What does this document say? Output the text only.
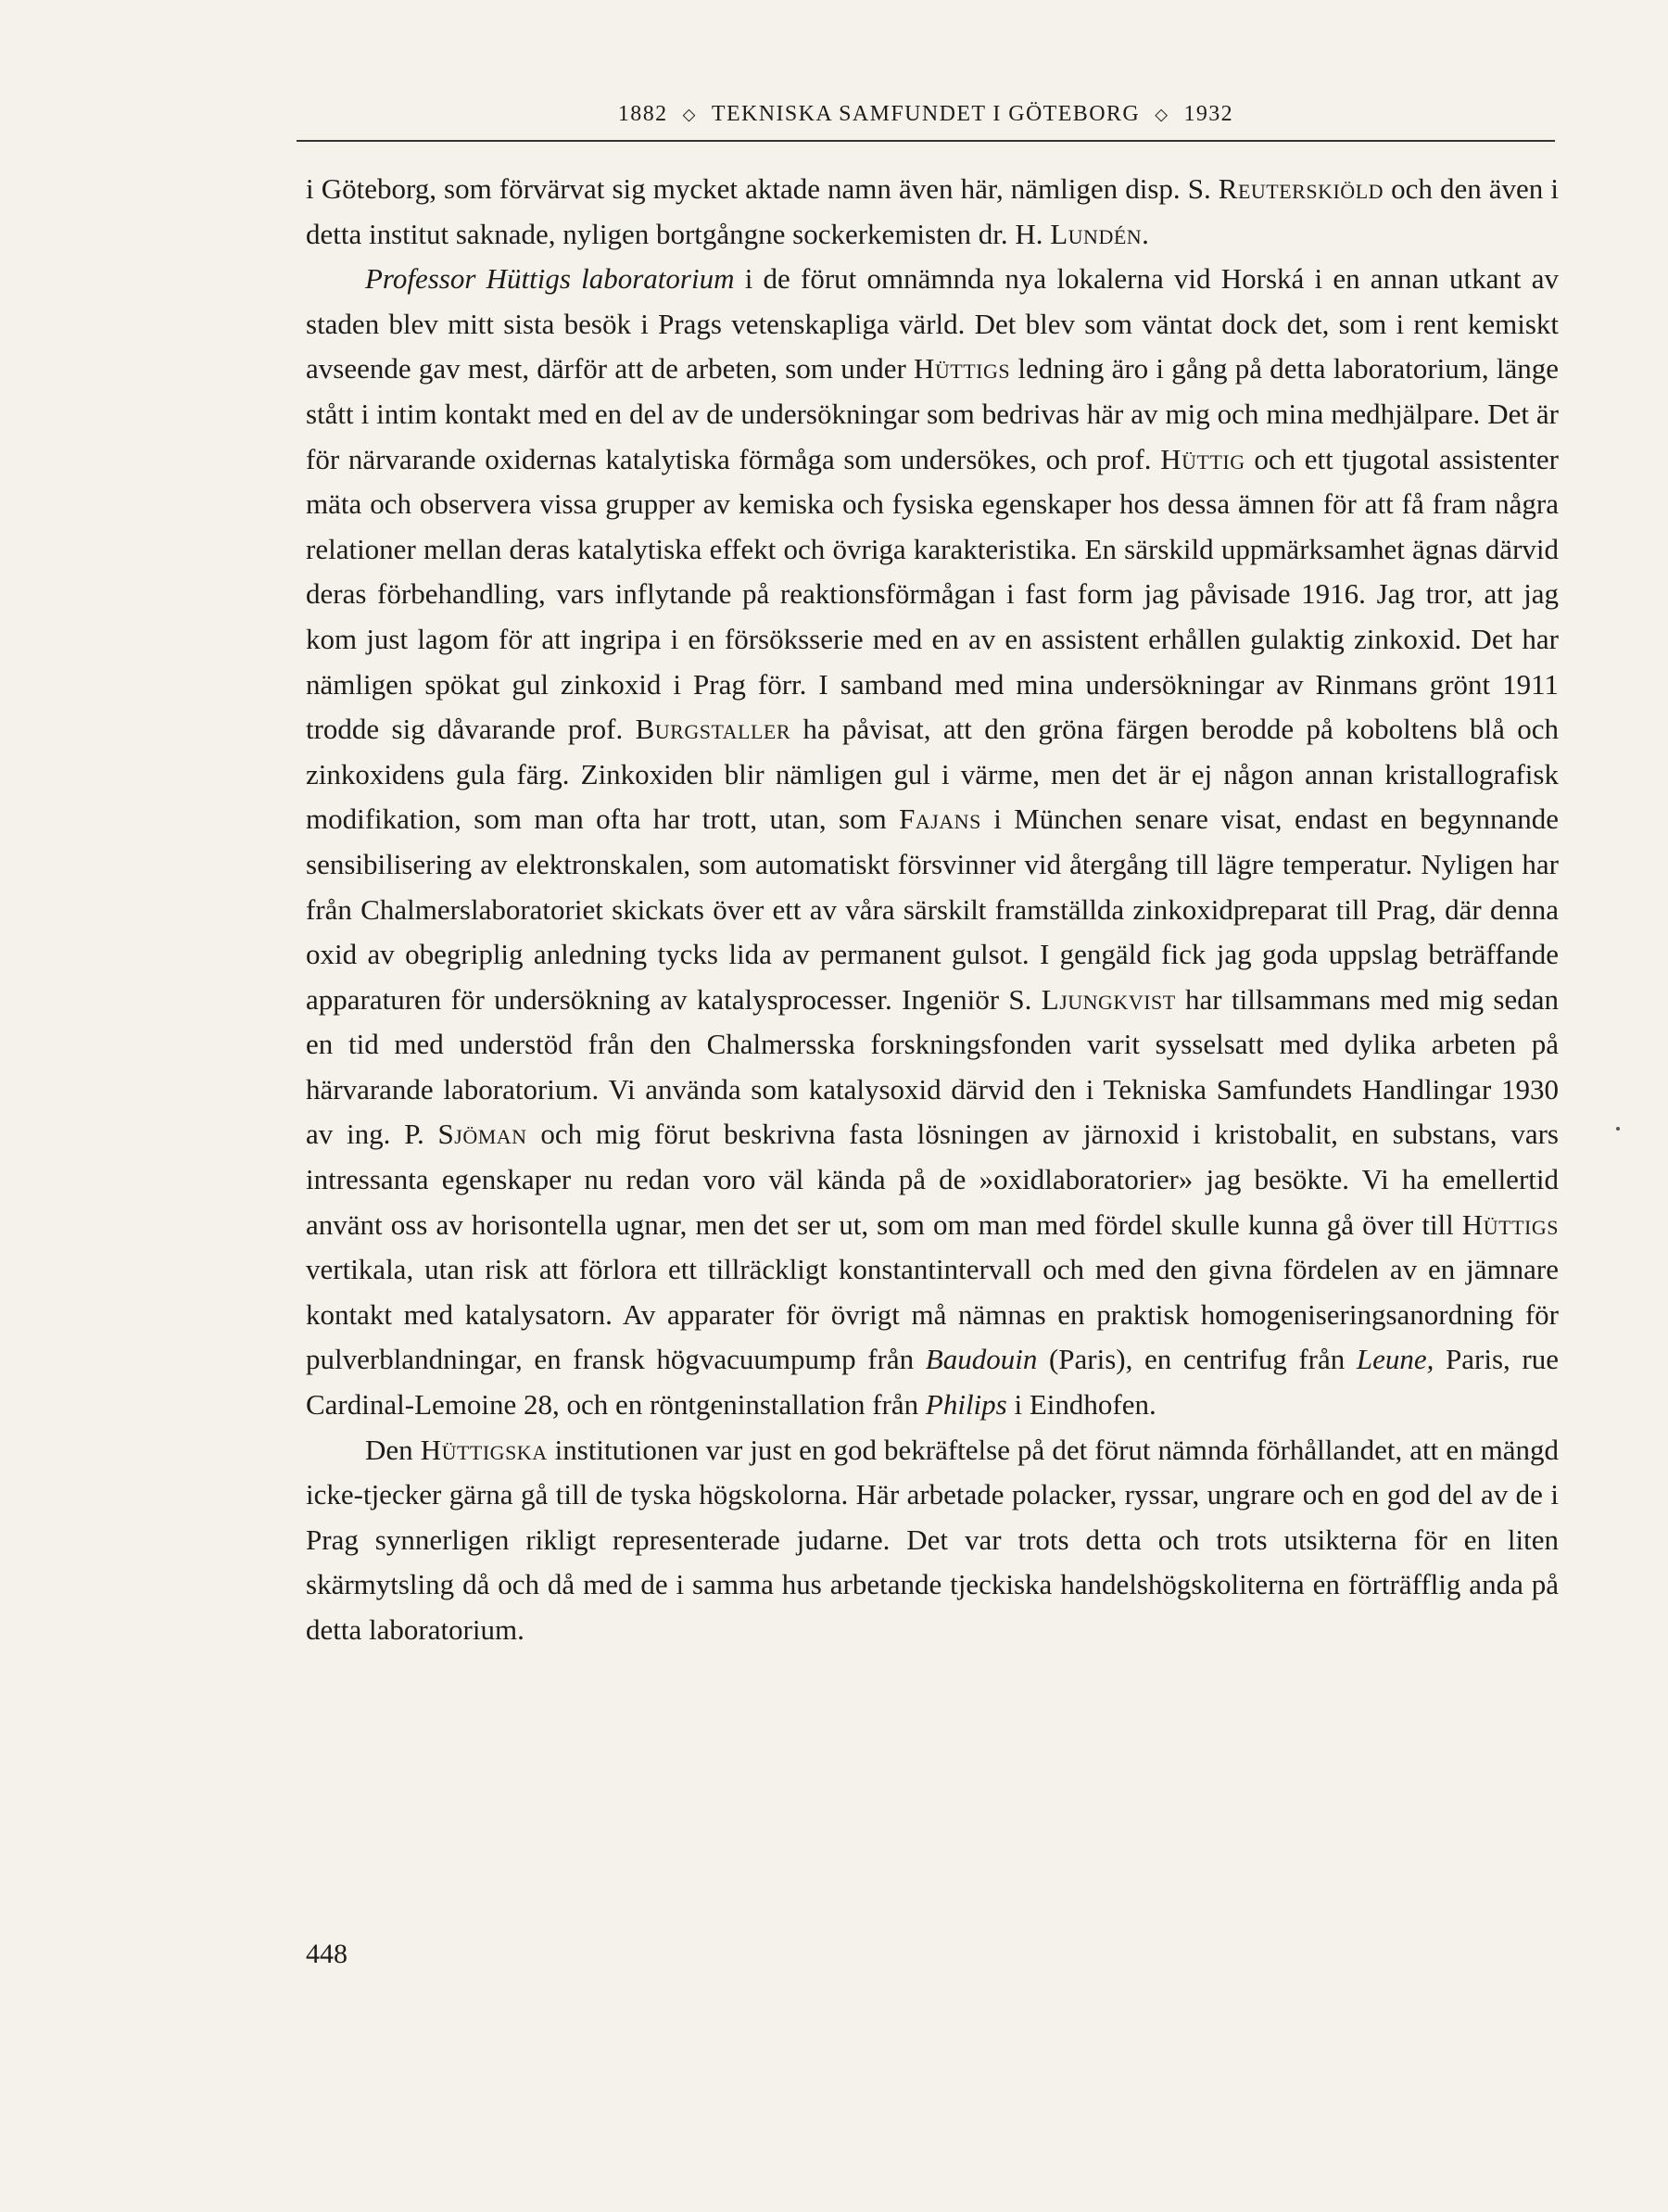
1882 ⬦ TEKNISKA SAMFUNDET I GÖTEBORG ⬦ 1932

i Göteborg, som förvärvat sig mycket aktade namn även här, nämligen disp. S. Reuterskiöld och den även i detta institut saknade, nyligen bortgångne sockerkemisten dr. H. Lundén.

Professor Hüttigs laboratorium i de förut omnämnda nya lokalerna vid Horská i en annan utkant av staden blev mitt sista besök i Prags vetenskapliga värld. Det blev som väntat dock det, som i rent kemiskt avseende gav mest, därför att de arbeten, som under Hüttigs ledning äro i gång på detta laboratorium, länge stått i intim kontakt med en del av de undersökningar som bedrivas här av mig och mina medhjälpare. Det är för närvarande oxidernas katalytiska förmåga som undersökes, och prof. Hüttig och ett tjugotal assistenter mäta och observera vissa grupper av kemiska och fysiska egenskaper hos dessa ämnen för att få fram några relationer mellan deras katalytiska effekt och övriga karakteristika. En särskild uppmärksamhet ägnas därvid deras förbehandling, vars inflytande på reaktionsförmågan i fast form jag påvisade 1916. Jag tror, att jag kom just lagom för att ingripa i en försöksserie med en av en assistent erhållen gulaktig zinkoxid. Det har nämligen spökat gul zinkoxid i Prag förr. I samband med mina undersökningar av Rinmans grönt 1911 trodde sig dåvarande prof. Burgstaller ha påvisat, att den gröna färgen berodde på koboltens blå och zinkoxidens gula färg. Zinkoxiden blir nämligen gul i värme, men det är ej någon annan kristallografisk modifikation, som man ofta har trott, utan, som Fajans i München senare visat, endast en begynnande sensibilisering av elektronskalen, som automatiskt försvinner vid återgång till lägre temperatur. Nyligen har från Chalmerslaboratoriet skickats över ett av våra särskilt framställda zinkoxidpreparat till Prag, där denna oxid av obegriplig anledning tycks lida av permanent gulsot. I gengäld fick jag goda uppslag beträffande apparaturen för undersökning av katalysprocesser. Ingeniör S. Ljungkvist har tillsammans med mig sedan en tid med understöd från den Chalmersska forskningsfonden varit sysselsatt med dylika arbeten på härvarande laboratorium. Vi använda som katalysoxid därvid den i Tekniska Samfundets Handlingar 1930 av ing. P. Sjöman och mig förut beskrivna fasta lösningen av järnoxid i kristobalit, en substans, vars intressanta egenskaper nu redan voro väl kända på de »oxidlaboratorier» jag besökte. Vi ha emellertid använt oss av horisontella ugnar, men det ser ut, som om man med fördel skulle kunna gå över till Hüttigs vertikala, utan risk att förlora ett tillräckligt konstantintervall och med den givna fördelen av en jämnare kontakt med katalysatorn. Av apparater för övrigt må nämnas en praktisk homogeniseringsanordning för pulverblandningar, en fransk högvacuumpump från Baudouin (Paris), en centrifug från Leune, Paris, rue Cardinal-Lemoine 28, och en röntgeninstallation från Philips i Eindhofen.

Den Hüttigska institutionen var just en god bekräftelse på det förut nämnda förhållandet, att en mängd icke-tjecker gärna gå till de tyska högskolorna. Här arbetade polacker, ryssar, ungrare och en god del av de i Prag synnerligen rikligt representerade judarne. Det var trots detta och trots utsikterna för en liten skärmytsling då och då med de i samma hus arbetande tjeckiska handelshögskoliterna en förträfflig anda på detta laboratorium.

448
